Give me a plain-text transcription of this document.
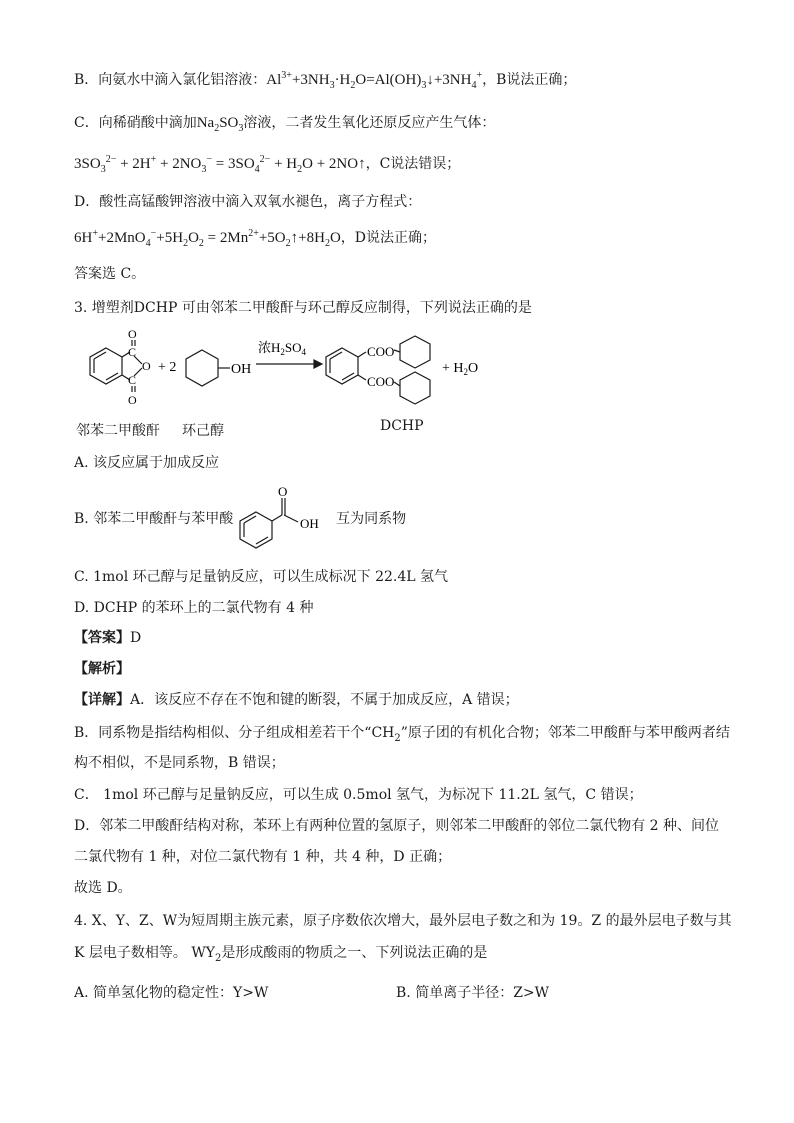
B．向氨水中滴入氯化铝溶液：$Al^{3+}+3NH_3\cdot H_2O=Al(OH)_3↓+3NH_4^+$，B说法正确；
C．向稀硝酸中滴加$Na_2SO_3$溶液，二者发生氧化还原反应产生气体：
$3SO_3^{2-} + 2H^+ + 2NO_3^- = 3SO_4^{2-} + H_2O$ + 2NO↑，C说法错误；
D．酸性高锰酸钾溶液中滴入双氧水褪色，离子方程式：
$6H^++2MnO_4^-+5H_2O_2$ = $2Mn^{2+}+5O_2↑+8H_2O$，D说法正确；
答案选 C。
3. 增塑剂DCHP 可由邻苯二甲酸酐与环己醇反应制得，下列说法正确的是
O
C
O
C
O
+ 2	OH
浓$H_2SO_4$	COO
COO
+ $H_2O$
邻苯二甲酸酐 环己醇	DCHP
A. 该反应属于加成反应
B. 邻苯二甲酸酐与苯甲酸	互为同系物
O
OH
C. 1mol 环己醇与足量钠反应，可以生成标况下 22.4L 氢气
D. DCHP 的苯环上的二氯代物有 4 种
【答案】D
【解析】
【详解】A．该反应不存在不饱和键的断裂，不属于加成反应，A 错误；
B．同系物是指结构相似、分子组成相差若干个“$CH_2$”原子团的有机化合物；邻苯二甲酸酐与苯甲酸两者结
构不相似，不是同系物，B 错误；
C． 1mol 环己醇与足量钠反应，可以生成 0.5mol 氢气，为标况下 11.2L 氢气，C 错误；
D．邻苯二甲酸酐结构对称，苯环上有两种位置的氢原子，则邻苯二甲酸酐的邻位二氯代物有 2 种、间位
二氯代物有 1 种，对位二氯代物有 1 种，共 4 种，D 正确；
故选 D。
4. X、Y、Z、W为短周期主族元素，原子序数依次增大，最外层电子数之和为 19。Z 的最外层电子数与其
K 层电子数相等。 $WY_2$是形成酸雨的物质之一、下列说法正确的是
A. 简单氢化物的稳定性：Y>W	B. 简单离子半径：Z>W
